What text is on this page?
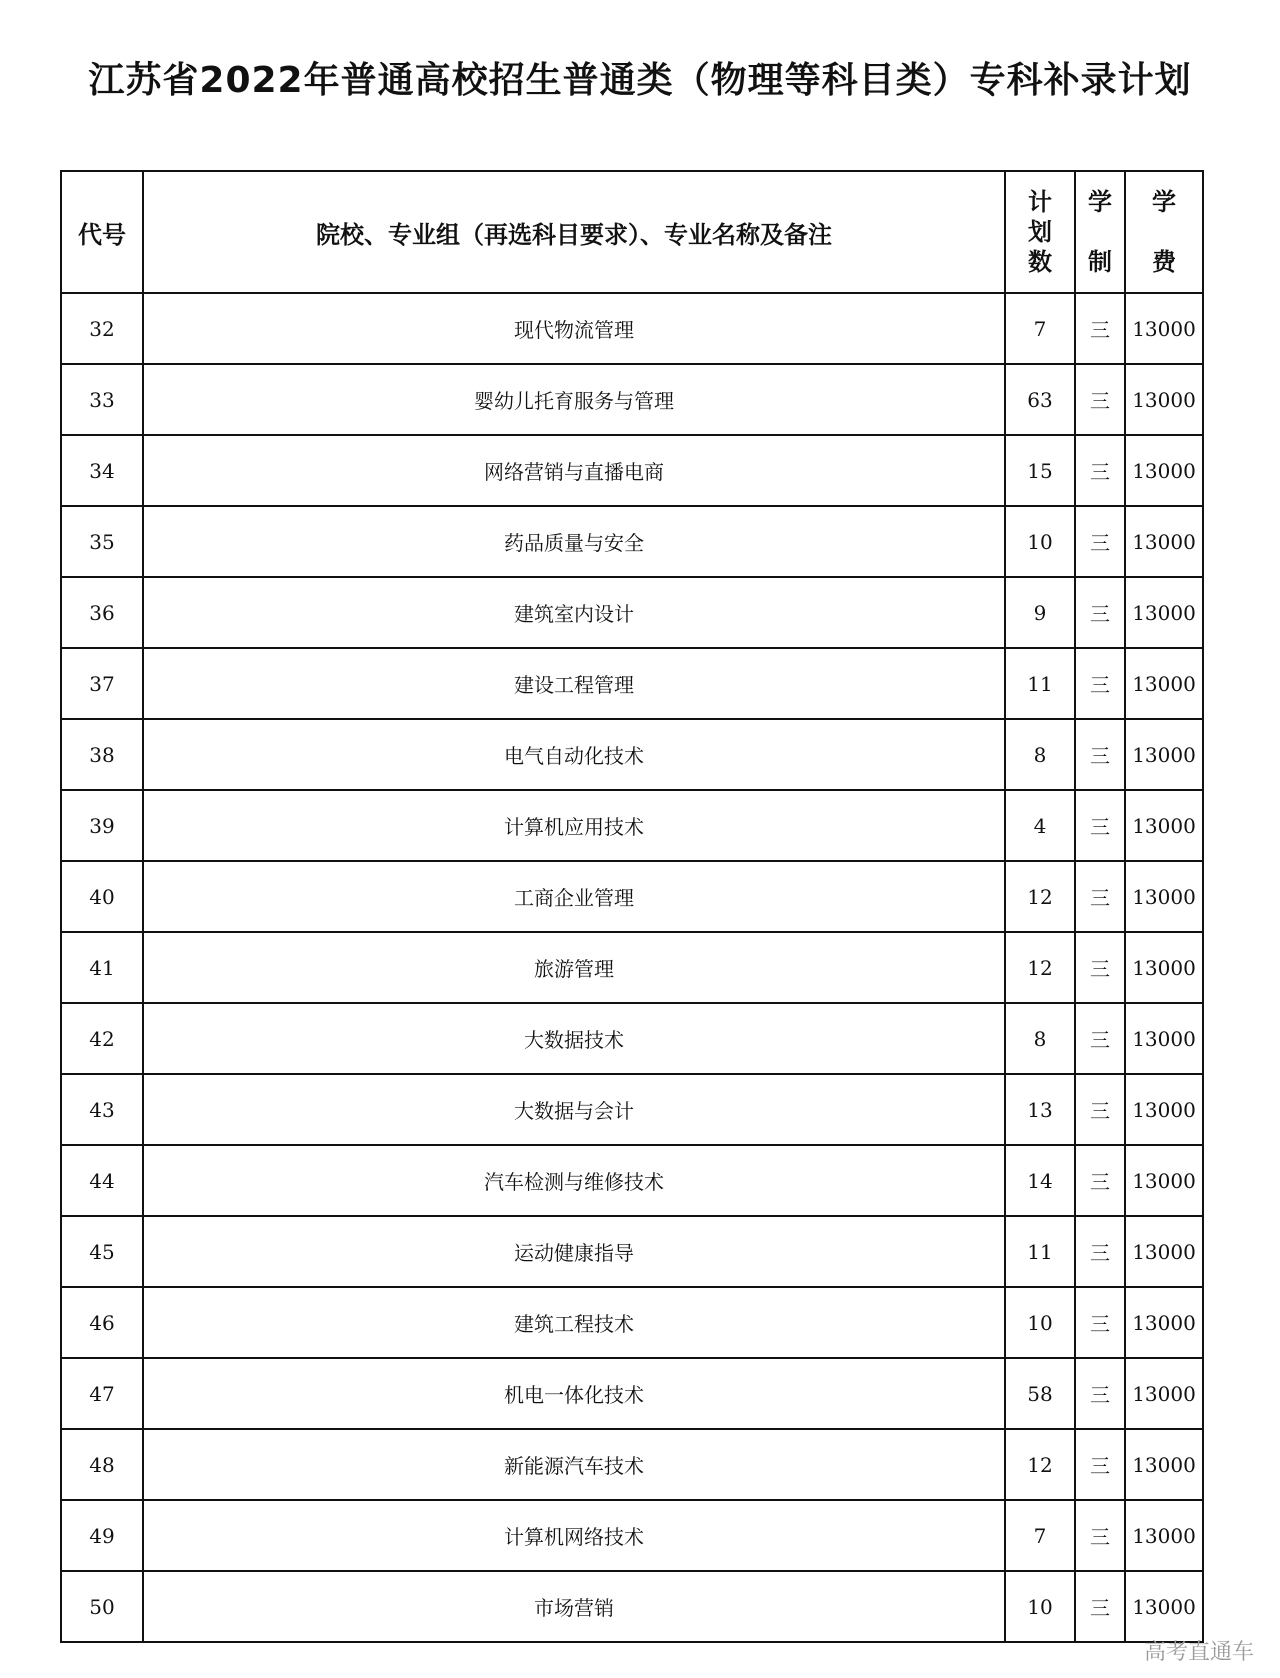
江苏省2022年普通高校招生普通类（物理等科目类）专科补录计划
代号	院校、专业组（再选科目要求）、专业名称及备注	计划数	学制	学费
32	现代物流管理	7	三	13000
33	婴幼儿托育服务与管理	63	三	13000
34	网络营销与直播电商	15	三	13000
35	药品质量与安全	10	三	13000
36	建筑室内设计	9	三	13000
37	建设工程管理	11	三	13000
38	电气自动化技术	8	三	13000
39	计算机应用技术	4	三	13000
40	工商企业管理	12	三	13000
41	旅游管理	12	三	13000
42	大数据技术	8	三	13000
43	大数据与会计	13	三	13000
44	汽车检测与维修技术	14	三	13000
45	运动健康指导	11	三	13000
46	建筑工程技术	10	三	13000
47	机电一体化技术	58	三	13000
48	新能源汽车技术	12	三	13000
49	计算机网络技术	7	三	13000
50	市场营销	10	三	13000
高考直通车
